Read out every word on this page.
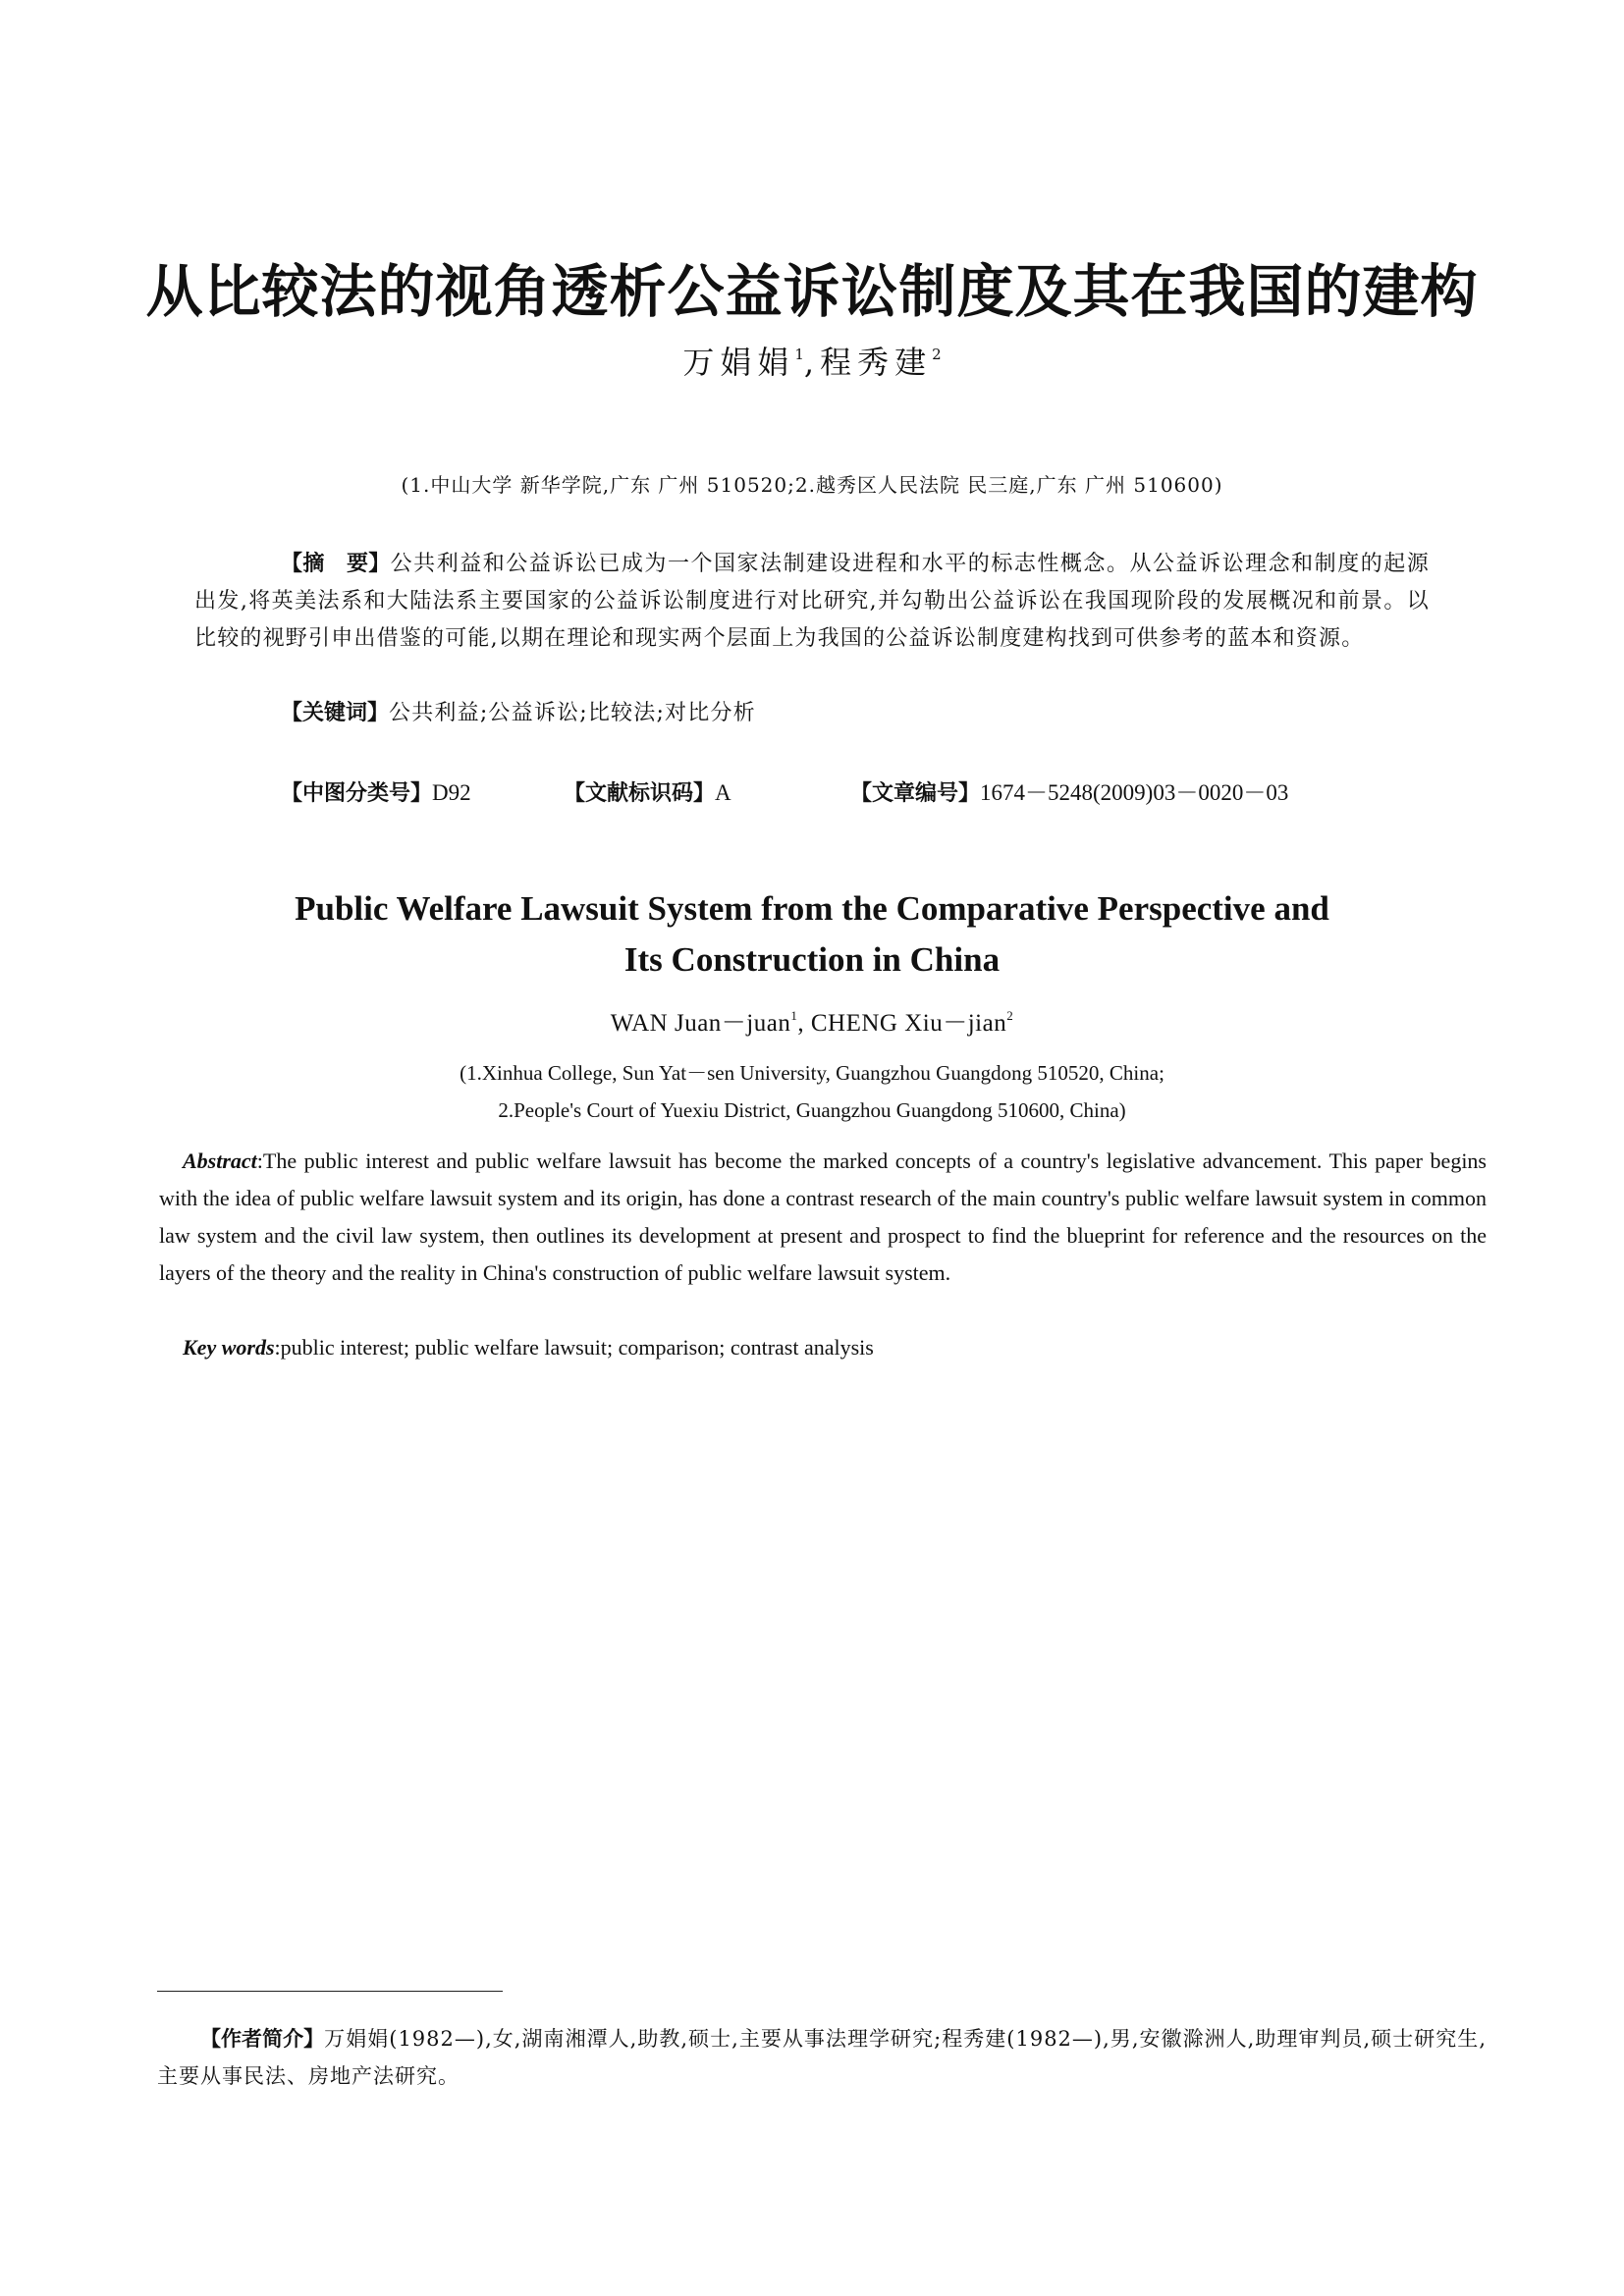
从比较法的视角透析公益诉讼制度及其在我国的建构
万娟娟$^1$,程秀建$^2$
(1.中山大学 新华学院,广东 广州 510520;2.越秀区人民法院 民三庭,广东 广州 510600)
【摘　要】公共利益和公益诉讼已成为一个国家法制建设进程和水平的标志性概念。从公益诉讼理念和制度的起源出发,将英美法系和大陆法系主要国家的公益诉讼制度进行对比研究,并勾勒出公益诉讼在我国现阶段的发展概况和前景。以比较的视野引申出借鉴的可能,以期在理论和现实两个层面上为我国的公益诉讼制度建构找到可供参考的蓝本和资源。
【关键词】公共利益;公益诉讼;比较法;对比分析
【中图分类号】D92	【文献标识码】A	【文章编号】1674－5248(2009)03－0020－03
Public Welfare Lawsuit System from the Comparative Perspective and
Its Construction in China
WAN Juan－juan$^1$, CHENG Xiu－jian$^2$
(1.Xinhua College, Sun Yat－sen University, Guangzhou Guangdong 510520, China;
2.People's Court of Yuexiu District, Guangzhou Guangdong 510600, China)
Abstract:The public interest and public welfare lawsuit has become the marked concepts of a country's legislative advancement. This paper begins with the idea of public welfare lawsuit system and its origin, has done a contrast research of the main country's public welfare lawsuit system in common law system and the civil law system, then outlines its development at present and prospect to find the blueprint for reference and the resources on the layers of the theory and the reality in China's construction of public welfare lawsuit system.
Key words:public interest; public welfare lawsuit; comparison; contrast analysis
【作者简介】万娟娟(1982—),女,湖南湘潭人,助教,硕士,主要从事法理学研究;程秀建(1982—),男,安徽滁洲人,助理审判员,硕士研究生,主要从事民法、房地产法研究。
